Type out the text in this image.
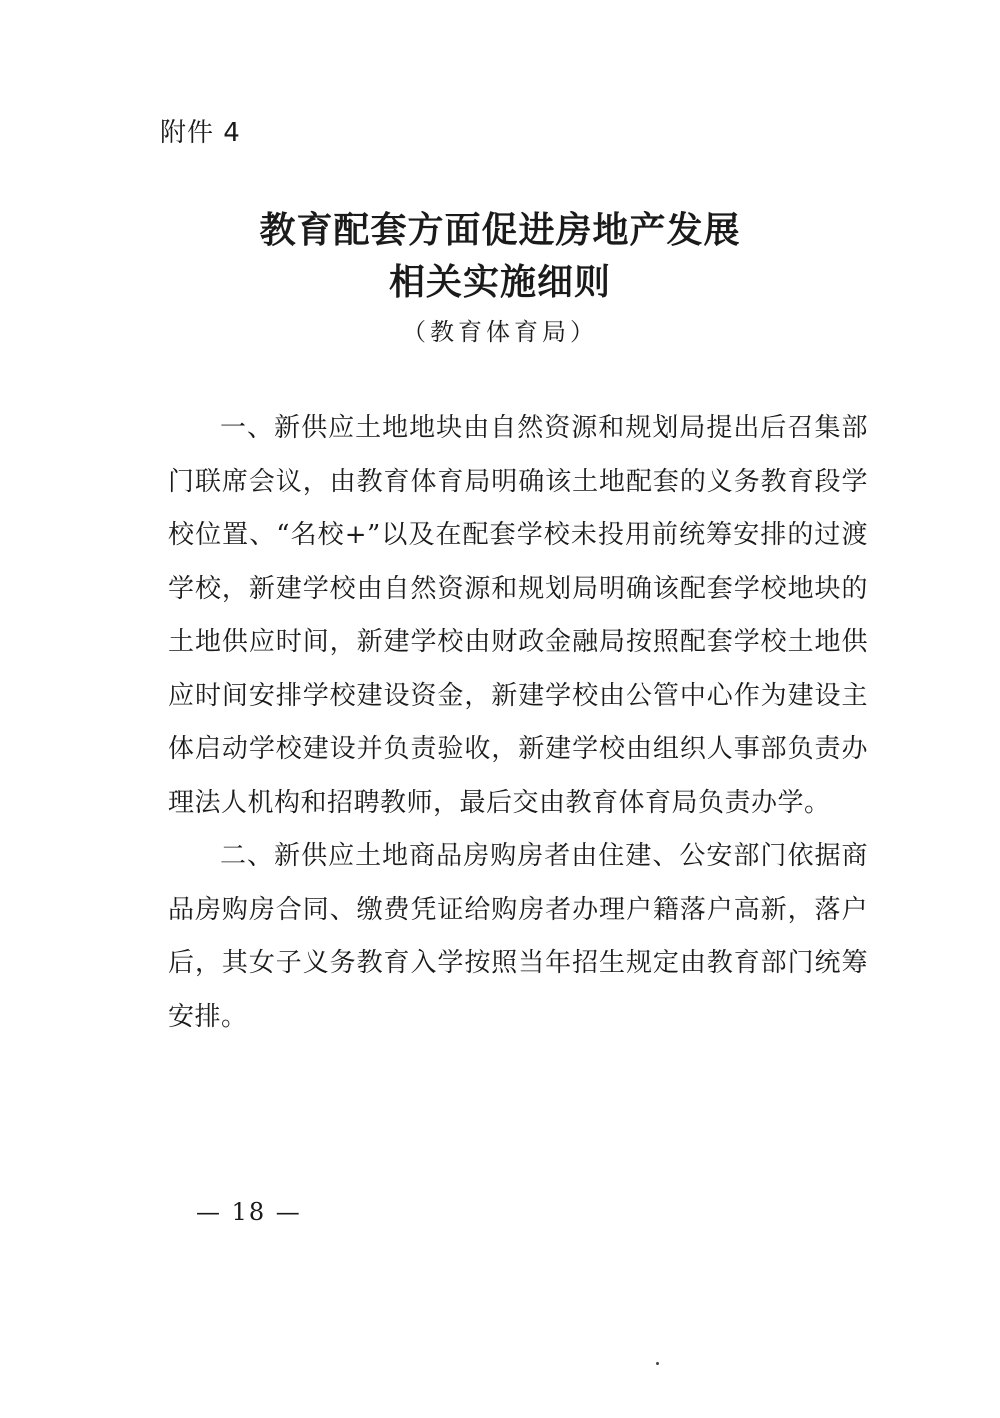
附件 4
教育配套方面促进房地产发展
相关实施细则
（教育体育局）

一、新供应土地地块由自然资源和规划局提出后召集部门联席会议，由教育体育局明确该土地配套的义务教育段学校位置、“名校+”以及在配套学校未投用前统筹安排的过渡学校，新建学校由自然资源和规划局明确该配套学校地块的土地供应时间，新建学校由财政金融局按照配套学校土地供应时间安排学校建设资金，新建学校由公管中心作为建设主体启动学校建设并负责验收，新建学校由组织人事部负责办理法人机构和招聘教师，最后交由教育体育局负责办学。

二、新供应土地商品房购房者由住建、公安部门依据商品房购房合同、缴费凭证给购房者办理户籍落户高新，落户后，其女子义务教育入学按照当年招生规定由教育部门统筹安排。

— 18 —
